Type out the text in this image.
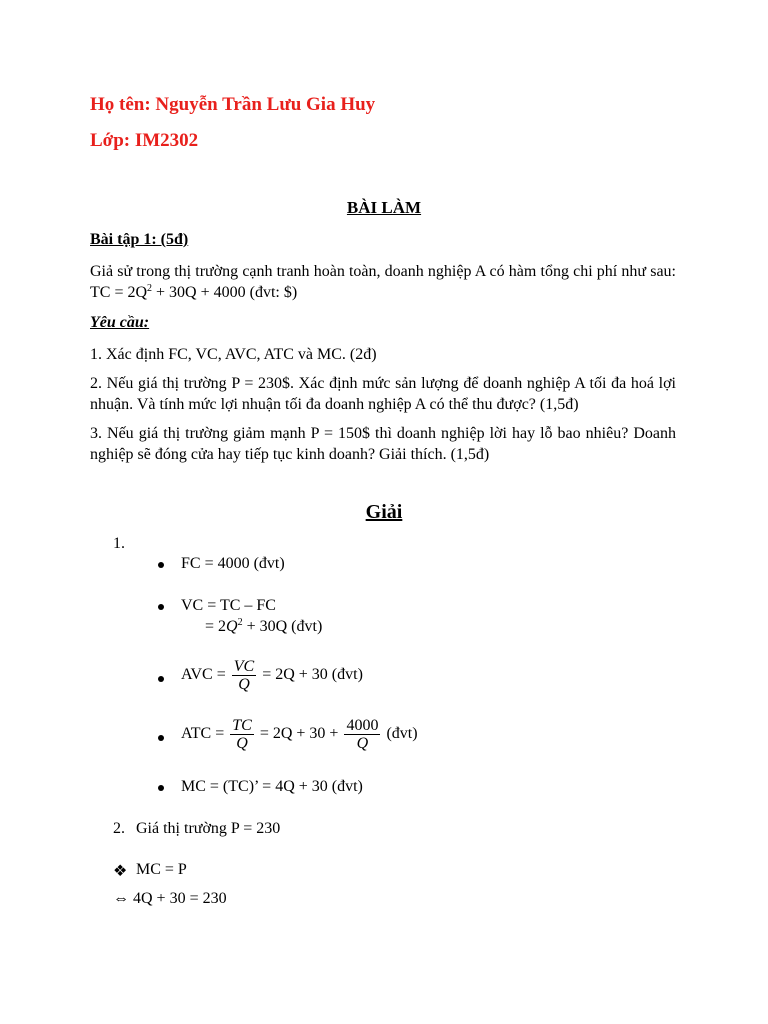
Họ tên: Nguyễn Trần Lưu Gia Huy
Lớp: IM2302
BÀI LÀM
Bài tập 1: (5đ)
Giả sử trong thị trường cạnh tranh hoàn toàn, doanh nghiệp A có hàm tổng chi phí như sau: TC = $2Q^2 + 30Q + 4000$ (đvt: $)
Yêu cầu:
1. Xác định FC, VC, AVC, ATC và MC. (2đ)
2. Nếu giá thị trường P = 230$. Xác định mức sản lượng để doanh nghiệp A tối đa hoá lợi nhuận. Và tính mức lợi nhuận tối đa doanh nghiệp A có thể thu được? (1,5đ)
3. Nếu giá thị trường giảm mạnh P = 150$ thì doanh nghiệp lời hay lỗ bao nhiêu? Doanh nghiệp sẽ đóng cửa hay tiếp tục kinh doanh? Giải thích. (1,5đ)
Giải
1.
FC = 4000 (đvt)
VC = TC – FC
= $2Q^2 + 30Q$ (đvt)
AVC = $\frac{VC}{Q} = 2Q + 30$ (đvt)
ATC = $\frac{TC}{Q} = 2Q + 30 + \frac{4000}{Q}$ (đvt)
MC = (TC)’ = 4Q + 30 (đvt)
2. Giá thị trường P = 230
❖ MC = P
⇔ 4Q + 30 = 230
